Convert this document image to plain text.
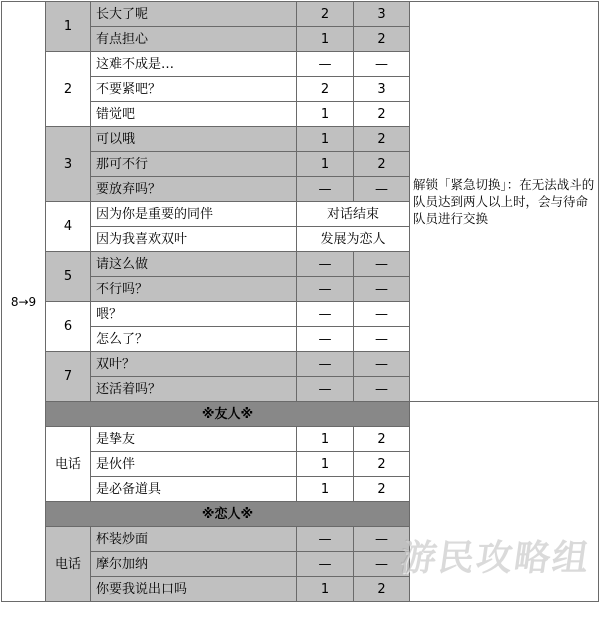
8→9	1	长大了呢	2	3	解锁「紧急切换」：在无法战斗的队员达到两人以上时，会与待命队员进行交换
		有点担心	1	2	
	2	这难不成是…	—	—	
		不要紧吧？	2	3	
		错觉吧	1	2	
	3	可以哦	1	2	
		那可不行	1	2	
		要放弃吗？	—	—	
	4	因为你是重要的同伴	对话结束		
		因为我喜欢双叶	发展为恋人		
	5	请这么做	—	—	
		不行吗？	—	—	
	6	喂？	—	—	
		怎么了？	—	—	
	7	双叶？	—	—	
		还活着吗？	—	—	
	※友人※				
	电话	是挚友	1	2	
		是伙伴	1	2	
		是必备道具	1	2	
	※恋人※				
	电话	杯装炒面	—	—	
		摩尔加纳	—	—	
		你要我说出口吗	1	2	
游民攻略组
